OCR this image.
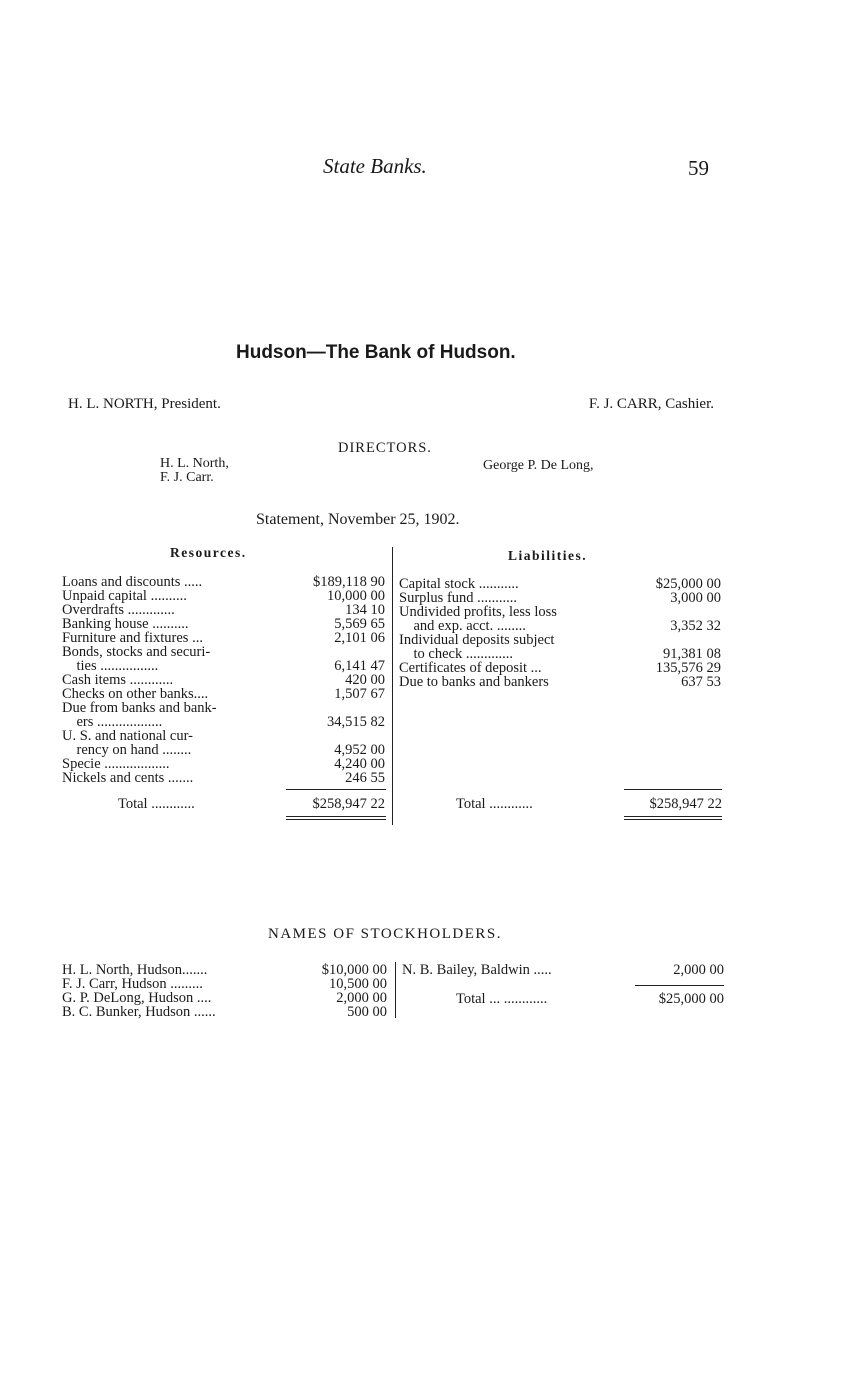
State Banks.	59
Hudson—The Bank of Hudson.
H. L. NORTH, President.	F. J. CARR, Cashier.
DIRECTORS.
H. L. North,
F. J. Carr.
George P. De Long,
Statement, November 25, 1902.
Resources.	Liabilities.
Loans and discounts .....	$189,118 90
Unpaid capital ..........	10,000 00
Overdrafts .............	134 10
Banking house ..........	5,569 65
Furniture and fixtures ...	2,101 06
Bonds, stocks and securi-
ties ................	6,141 47
Cash items ............	420 00
Checks on other banks....	1,507 67
Due from banks and bank-
ers ..................	34,515 82
U. S. and national cur-
rency on hand ........	4,952 00
Specie ..................	4,240 00
Nickels and cents .......	246 55
Total ............	$258,947 22
Capital stock ...........	$25,000 00
Surplus fund ...........	3,000 00
Undivided profits, less loss
and exp. acct. ........	3,352 32
Individual deposits subject
to check .............	91,381 08
Certificates of deposit ...	135,576 29
Due to banks and bankers	637 53
Total ............	$258,947 22
NAMES OF STOCKHOLDERS.
H. L. North, Hudson.......	$10,000 00
F. J. Carr, Hudson .........	10,500 00
G. P. DeLong, Hudson ....	2,000 00
B. C. Bunker, Hudson ......	500 00
N. B. Bailey, Baldwin .....	2,000 00
Total ... ............	$25,000 00
